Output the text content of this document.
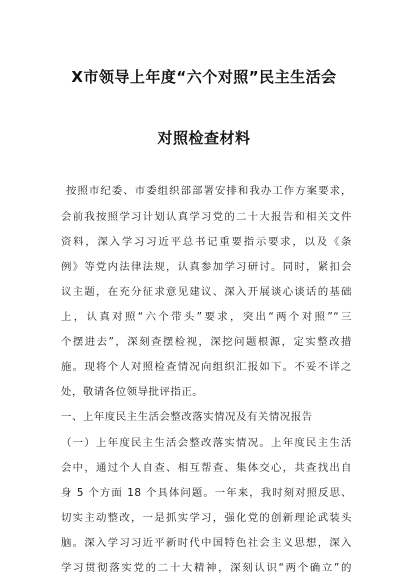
X市领导上年度“六个对照”民主生活会
对照检查材料
按照市纪委、市委组织部部署安排和我办工作方案要求，
会前我按照学习计划认真学习党的二十大报告和相关文件
资料，深入学习习近平总书记重要指示要求，以及《条
例》等党内法律法规，认真参加学习研讨。同时，紧扣会
议主题，在充分征求意见建议、深入开展谈心谈话的基础
上，认真对照“六个带头”要求，突出“两个对照”“三
个摆进去”，深刻查摆检视，深挖问题根源，定实整改措
施。现将个人对照检查情况向组织汇报如下。不妥不详之
处，敬请各位领导批评指正。
一、上年度民主生活会整改落实情况及有关情况报告
（一）上年度民主生活会整改落实情况。上年度民主生活
会中，通过个人自查、相互帮查、集体交心，共查找出自
身 5 个方面 18 个具体问题。一年来，我时刻对照反思、
切实主动整改，一是抓实学习，强化党的创新理论武装头
脑。深入学习习近平新时代中国特色社会主义思想，深入
学习贯彻落实党的二十大精神，深刻认识“两个确立”的
